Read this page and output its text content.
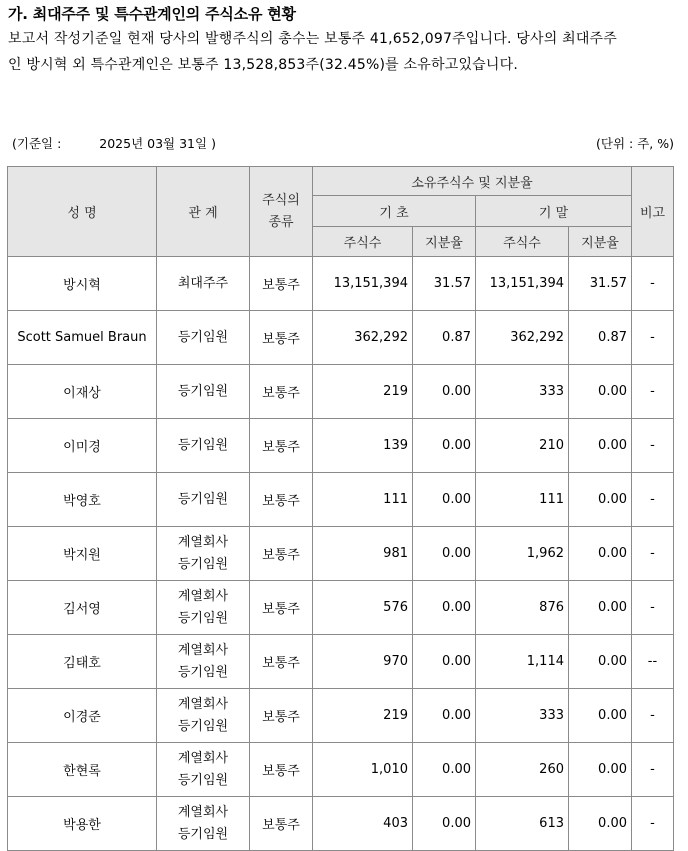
가. 최대주주 및 특수관계인의 주식소유 현황
보고서 작성기준일 현재 당사의 발행주식의 총수는 보통주 41,652,097주입니다. 당사의 최대주주인 방시혁 외 특수관계인은 보통주 13,528,853주(32.45%)를 소유하고있습니다.
(기준일 :	2025년 03월 31일 )	(단위 : 주, %)
성 명	관 계	주식의 종류	소유주식수 및 지분율				비고
			기 초		기 말		
			주식수	지분율	주식수	지분율	
방시혁	최대주주	보통주	13,151,394	31.57	13,151,394	31.57	-
Scott Samuel Braun	등기임원	보통주	362,292	0.87	362,292	0.87	-
이재상	등기임원	보통주	219	0.00	333	0.00	-
이미경	등기임원	보통주	139	0.00	210	0.00	-
박영호	등기임원	보통주	111	0.00	111	0.00	-
박지원	계열회사
등기임원	보통주	981	0.00	1,962	0.00	-
김서영	계열회사
등기임원	보통주	576	0.00	876	0.00	-
김태호	계열회사
등기임원	보통주	970	0.00	1,114	0.00	--
이경준	계열회사
등기임원	보통주	219	0.00	333	0.00	-
한현록	계열회사
등기임원	보통주	1,010	0.00	260	0.00	-
박용한	계열회사
등기임원	보통주	403	0.00	613	0.00	-
